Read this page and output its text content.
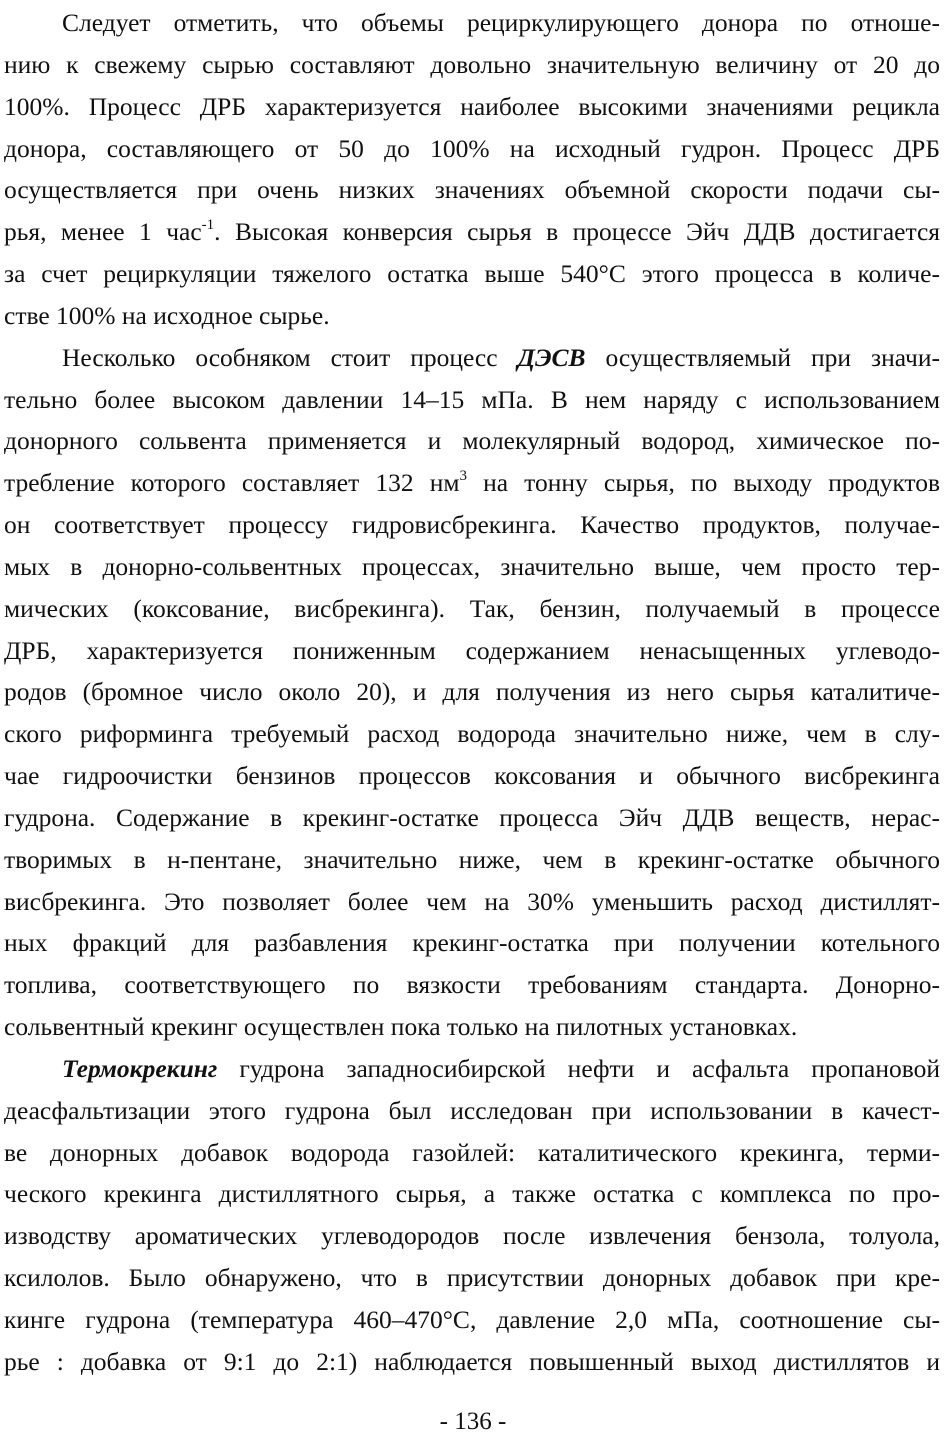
Следует отметить, что объемы рециркулирующего донора по отноше-
нию к свежему сырью составляют довольно значительную величину от 20 до
100%. Процесс ДРБ характеризуется наиболее высокими значениями рецикла
донора, составляющего от 50 до 100% на исходный гудрон. Процесс ДРБ
осуществляется при очень низких значениях объемной скорости подачи сы-
рья, менее 1 час$^{-1}$. Высокая конверсия сырья в процессе Эйч ДДВ достигается
за счет рециркуляции тяжелого остатка выше 540°С этого процесса в количе-
стве 100% на исходное сырье.
Несколько особняком стоит процесс ДЭСВ осуществляемый при значи-
тельно более высоком давлении 14–15 мПа. В нем наряду с использованием
донорного сольвента применяется и молекулярный водород, химическое по-
требление которого составляет 132 $нм^3$ на тонну сырья, по выходу продуктов
он соответствует процессу гидровисбрекинга. Качество продуктов, получае-
мых в донорно-сольвентных процессах, значительно выше, чем просто тер-
мических (коксование, висбрекинга). Так, бензин, получаемый в процессе
ДРБ, характеризуется пониженным содержанием ненасыщенных углеводо-
родов (бромное число около 20), и для получения из него сырья каталитиче-
ского риформинга требуемый расход водорода значительно ниже, чем в слу-
чае гидроочистки бензинов процессов коксования и обычного висбрекинга
гудрона. Содержание в крекинг-остатке процесса Эйч ДДВ веществ, нерас-
творимых в н-пентане, значительно ниже, чем в крекинг-остатке обычного
висбрекинга. Это позволяет более чем на 30% уменьшить расход дистиллят-
ных фракций для разбавления крекинг-остатка при получении котельного
топлива, соответствующего по вязкости требованиям стандарта. Донорно-
сольвентный крекинг осуществлен пока только на пилотных установках.
Термокрекинг гудрона западносибирской нефти и асфальта пропановой
деасфальтизации этого гудрона был исследован при использовании в качест-
ве донорных добавок водорода газойлей: каталитического крекинга, терми-
ческого крекинга дистиллятного сырья, а также остатка с комплекса по про-
изводству ароматических углеводородов после извлечения бензола, толуола,
ксилолов. Было обнаружено, что в присутствии донорных добавок при кре-
кинге гудрона (температура 460–470°С, давление 2,0 мПа, соотношение сы-
рье : добавка от 9:1 до 2:1) наблюдается повышенный выход дистиллятов и
- 136 -
